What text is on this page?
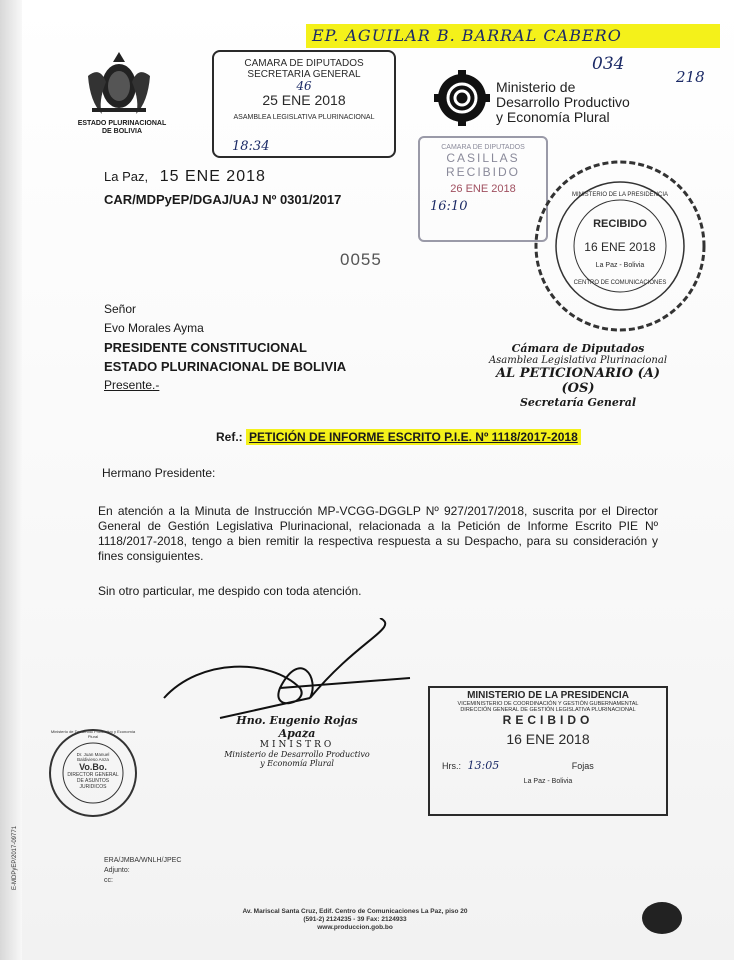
EP. AGUILAR B. BARRAL CABERO
034
218
ESTADO PLURINACIONAL DE BOLIVIA
CAMARA DE DIPUTADOS
SECRETARIA GENERAL
46
25 ENE 2018
ASAMBLEA LEGISLATIVA PLURINACIONAL
18:34
Ministerio de
Desarrollo Productivo
y Economía Plural
CAMARA DE DIPUTADOS
CASILLAS
RECIBIDO
26 ENE 2018
16:10
MINISTERIO DE LA PRESIDENCIA
RECIBIDO
16 ENE 2018
La Paz - Bolivia
CENTRO DE COMUNICACIONES
La Paz, 15 ENE 2018
CAR/MDPyEP/DGAJ/UAJ Nº 0301/2017
0055
Señor
Evo Morales Ayma
PRESIDENTE CONSTITUCIONAL
ESTADO PLURINACIONAL DE BOLIVIA
Presente.-
Cámara de Diputados
Asamblea Legislativa Plurinacional
AL PETICIONARIO (A) (OS)
Secretaría General
Ref.: PETICIÓN DE INFORME ESCRITO P.I.E. Nº 1118/2017-2018
Hermano Presidente:
En atención a la Minuta de Instrucción MP-VCGG-DGGLP Nº 927/2017/2018, suscrita por el Director General de Gestión Legislativa Plurinacional, relacionada a la Petición de Informe Escrito PIE Nº 1118/2017-2018, tengo a bien remitir la respectiva respuesta a su Despacho, para su consideración y fines consiguientes.
Sin otro particular, me despido con toda atención.
Hno. Eugenio Rojas Apaza
MINISTRO
Ministerio de Desarrollo Productivo
y Economía Plural
Ministerio de Desarrollo Productivo y Economía Plural
Dr. Juan Manuel Baldivieso Anza
Vo.Bo.
DIRECTOR GENERAL
DE ASUNTOS
JURIDICOS
MINISTERIO DE LA PRESIDENCIA
VICEMINISTERIO DE COORDINACIÓN Y GESTIÓN GUBERNAMENTAL
DIRECCIÓN GENERAL DE GESTIÓN LEGISLATIVA PLURINACIONAL
RECIBIDO
16 ENE 2018
Hrs.: 13:05	Fojas
La Paz - Bolivia
E-MDPyEP/2017-09771	ERA/JMBA/WNLH/JPEC
Adjunto:
cc:
Av. Mariscal Santa Cruz, Edif. Centro de Comunicaciones La Paz, piso 20
(591-2) 2124235 - 39 Fax: 2124933
www.produccion.gob.bo
